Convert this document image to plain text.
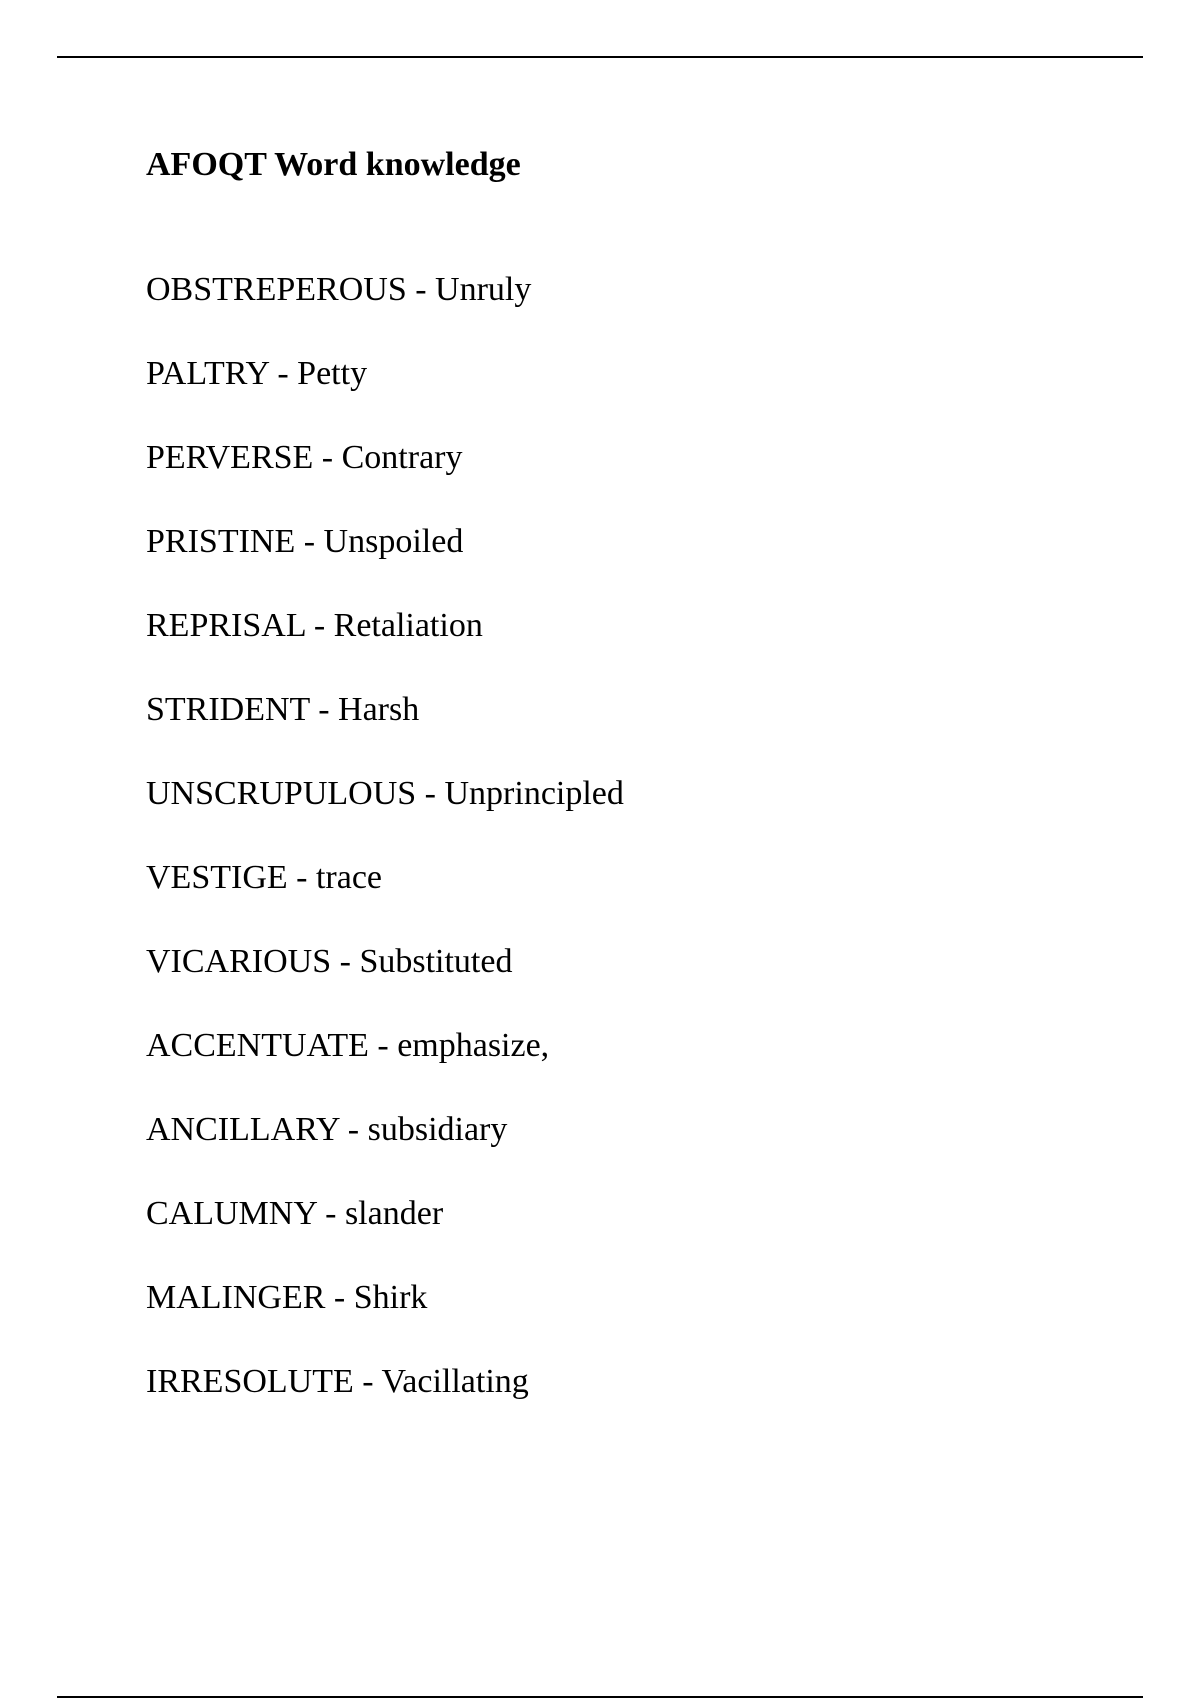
AFOQT Word knowledge
OBSTREPEROUS - Unruly
PALTRY - Petty
PERVERSE - Contrary
PRISTINE - Unspoiled
REPRISAL - Retaliation
STRIDENT - Harsh
UNSCRUPULOUS - Unprincipled
VESTIGE - trace
VICARIOUS - Substituted
ACCENTUATE - emphasize,
ANCILLARY - subsidiary
CALUMNY - slander
MALINGER - Shirk
IRRESOLUTE - Vacillating
